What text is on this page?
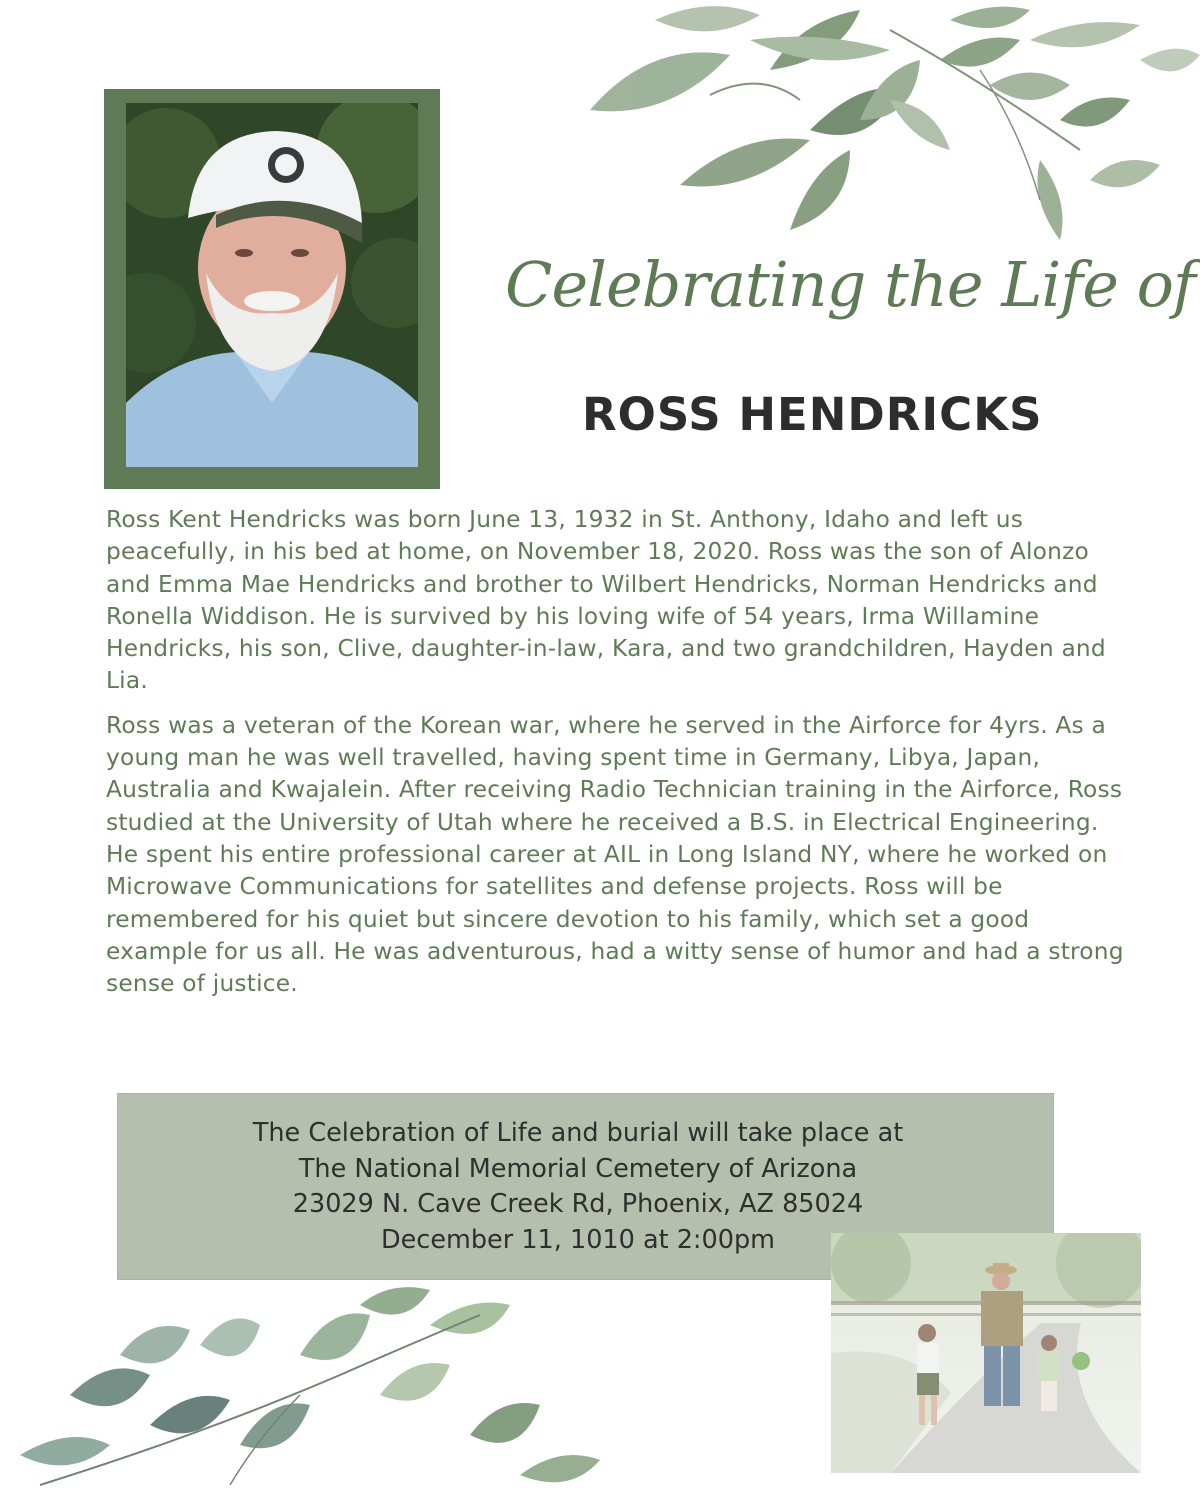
Celebrating the Life of
ROSS HENDRICKS

Ross Kent Hendricks was born June 13, 1932 in St. Anthony, Idaho and left us peacefully, in his bed at home, on November 18, 2020. Ross was the son of Alonzo and Emma Mae Hendricks and brother to Wilbert Hendricks, Norman Hendricks and Ronella Widdison. He is survived by his loving wife of 54 years, Irma Willamine Hendricks, his son, Clive, daughter-in-law, Kara, and two grandchildren, Hayden and Lia.

Ross was a veteran of the Korean war, where he served in the Airforce for 4yrs. As a young man he was well travelled, having spent time in Germany, Libya, Japan, Australia and Kwajalein. After receiving Radio Technician training in the Airforce, Ross studied at the University of Utah where he received a B.S. in Electrical Engineering. He spent his entire professional career at AIL in Long Island NY, where he worked on Microwave Communications for satellites and defense projects. Ross will be remembered for his quiet but sincere devotion to his family, which set a good example for us all. He was adventurous, had a witty sense of humor and had a strong sense of justice.

The Celebration of Life and burial will take place at
The National Memorial Cemetery of Arizona
23029 N. Cave Creek Rd, Phoenix, AZ 85024
December 11, 1010 at 2:00pm
